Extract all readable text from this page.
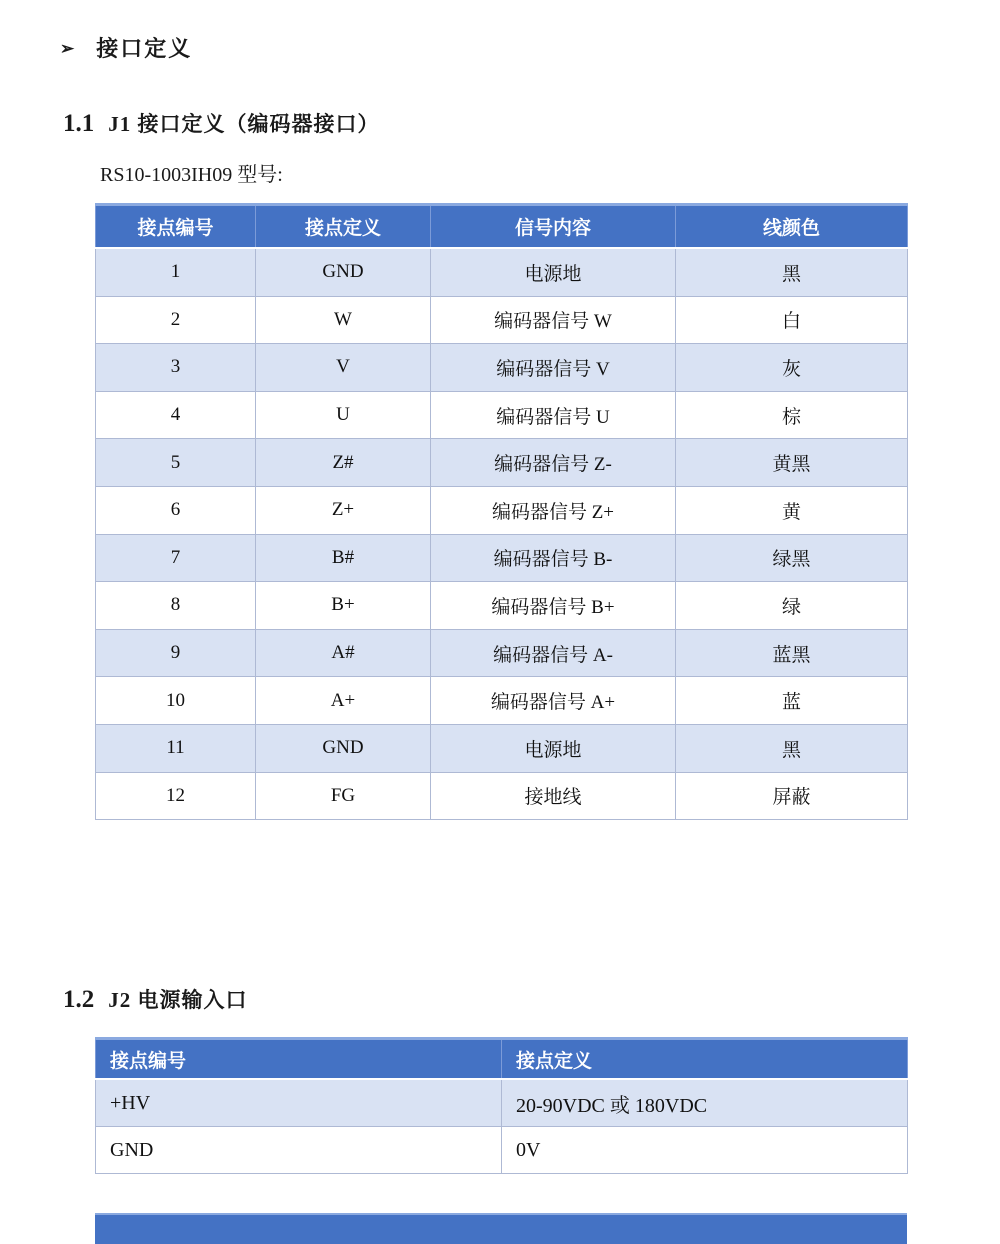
➢ 接口定义
1.1 J1 接口定义（编码器接口）
RS10-1003IH09 型号:
接点编号	接点定义	信号内容	线颜色
1	GND	电源地	黑
2	W	编码器信号 W	白
3	V	编码器信号 V	灰
4	U	编码器信号 U	棕
5	Z#	编码器信号 Z-	黄黑
6	Z+	编码器信号 Z+	黄
7	B#	编码器信号 B-	绿黑
8	B+	编码器信号 B+	绿
9	A#	编码器信号 A-	蓝黑
10	A+	编码器信号 A+	蓝
11	GND	电源地	黑
12	FG	接地线	屏蔽
1.2 J2 电源输入口
接点编号	接点定义
+HV	20-90VDC 或 180VDC
GND	0V
